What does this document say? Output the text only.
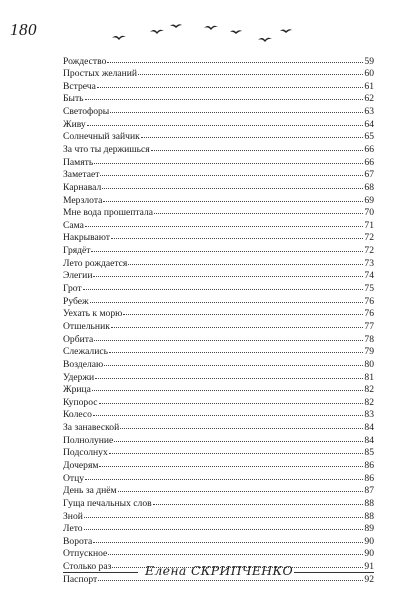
180
Рождество	59
Простых желаний	60
Встреча	61
Быть	62
Светофоры	63
Живу	64
Солнечный зайчик	65
За что ты держишься	66
Память	66
Заметает	67
Карнавал	68
Мерзлота	69
Мне вода прошептала	70
Сама	71
Накрывают	72
Грядёт	72
Лето рождается	73
Элегии	74
Грот	75
Рубеж	76
Уехать к морю	76
Отшельник	77
Орбита	78
Слежались	79
Возделаю	80
Удержи	81
Жрица	82
Купорос	82
Колесо	83
За занавеской	84
Полнолуние	84
Подсолнух	85
Дочерям	86
Отцу	86
День за днём	87
Гуща печальных слов	88
Зной	88
Лето	89
Ворота	90
Отпускное	90
Столько раз	91
Паспорт	92
Елена СКРИПЧЕНКО
